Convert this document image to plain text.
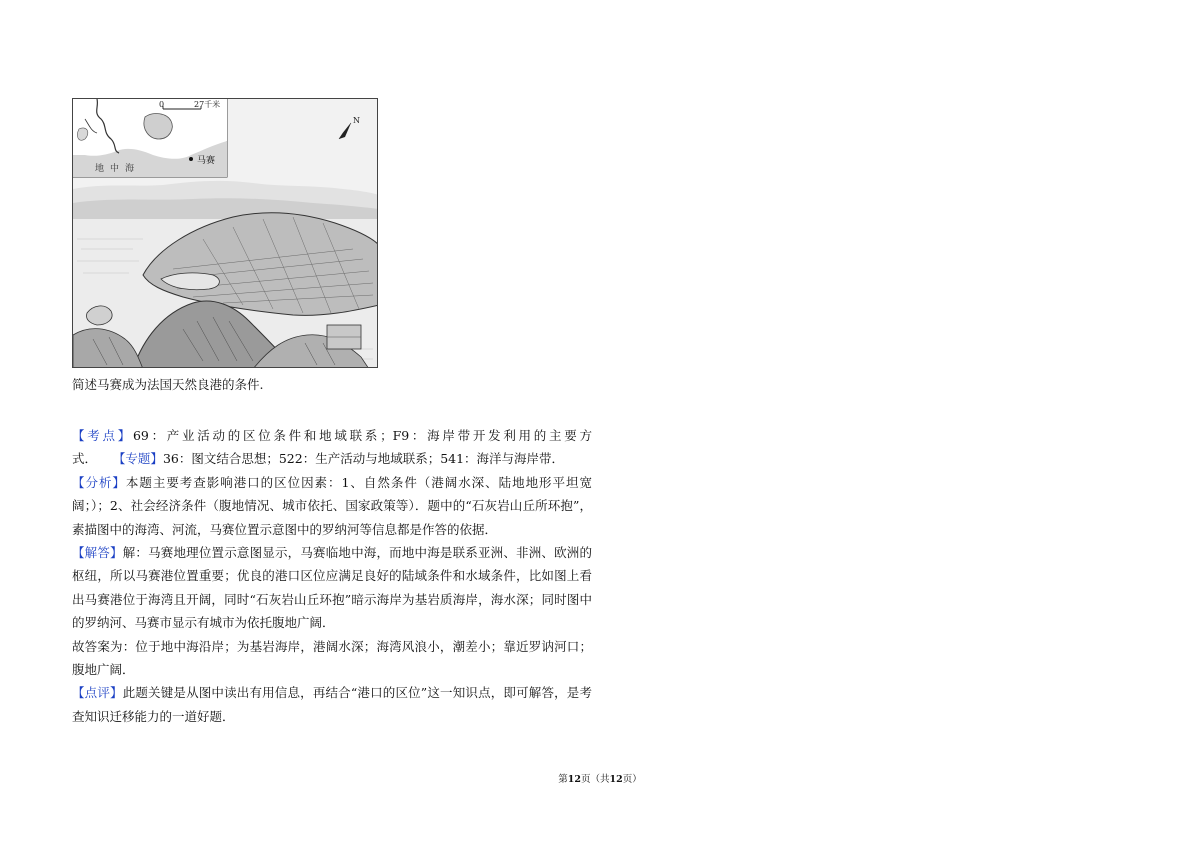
0	27千米
地中海
马赛
N
简述马赛成为法国天然良港的条件.

【考点】69：产业活动的区位条件和地域联系；F9：海岸带开发利用的主要方式． 【专题】36：图文结合思想；522：生产活动与地域联系；541：海洋与海岸带．

【分析】本题主要考查影响港口的区位因素：1、自然条件（港阔水深、陆地地形平坦宽阔；）；2、社会经济条件（腹地情况、城市依托、国家政策等）．题中的“石灰岩山丘所环抱”，素描图中的海湾、河流，马赛位置示意图中的罗纳河等信息都是作答的依据．

【解答】解：马赛地理位置示意图显示，马赛临地中海，而地中海是联系亚洲、非洲、欧洲的枢纽，所以马赛港位置重要；优良的港口区位应满足良好的陆域条件和水域条件，比如图上看出马赛港位于海湾且开阔，同时“石灰岩山丘环抱”暗示海岸为基岩质海岸，海水深；同时图中的罗纳河、马赛市显示有城市为依托腹地广阔．

故答案为：位于地中海沿岸；为基岩海岸，港阔水深；海湾风浪小，潮差小；靠近罗讷河口；腹地广阔．

【点评】此题关键是从图中读出有用信息，再结合“港口的区位”这一知识点，即可解答，是考查知识迁移能力的一道好题．

第12页（共12页）
